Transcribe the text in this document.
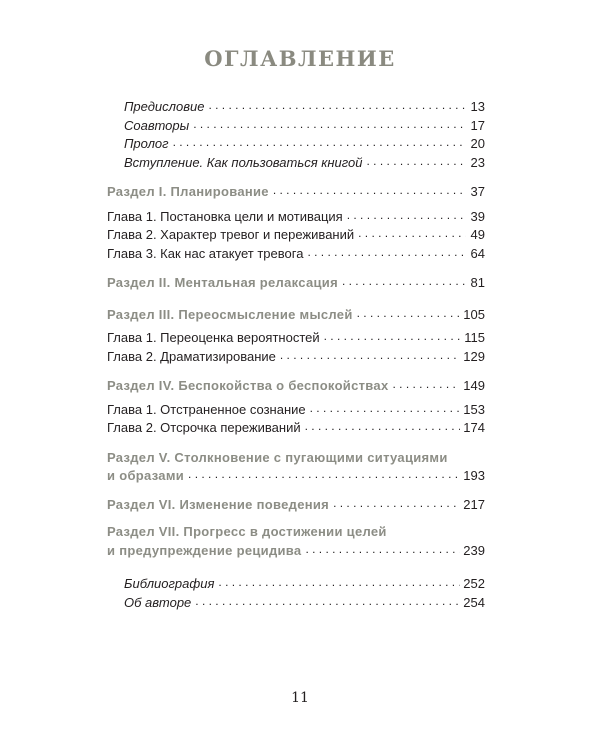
ОГЛАВЛЕНИЕ
Предисловие . . .	13
Соавторы . . .	17
Пролог . . .	20
Вступление. Как пользоваться книгой . . .	23
Раздел I. Планирование . . .	37
Глава 1. Постановка цели и мотивация . . .	39
Глава 2. Характер тревог и переживаний . . .	49
Глава 3. Как нас атакует тревога . . .	64
Раздел II. Ментальная релаксация . . .	81
Раздел III. Переосмысление мыслей . . .	105
Глава 1. Переоценка вероятностей . . .	115
Глава 2. Драматизирование . . .	129
Раздел IV. Беспокойства о беспокойствах . . .	149
Глава 1. Отстраненное сознание . . .	153
Глава 2. Отсрочка переживаний . . .	174
Раздел V. Столкновение с пугающими ситуациями
и образами . . .	193
Раздел VI. Изменение поведения . . .	217
Раздел VII. Прогресс в достижении целей
и предупреждение рецидива . . .	239
Библиография . . .	252
Об авторе . . .	254
11
